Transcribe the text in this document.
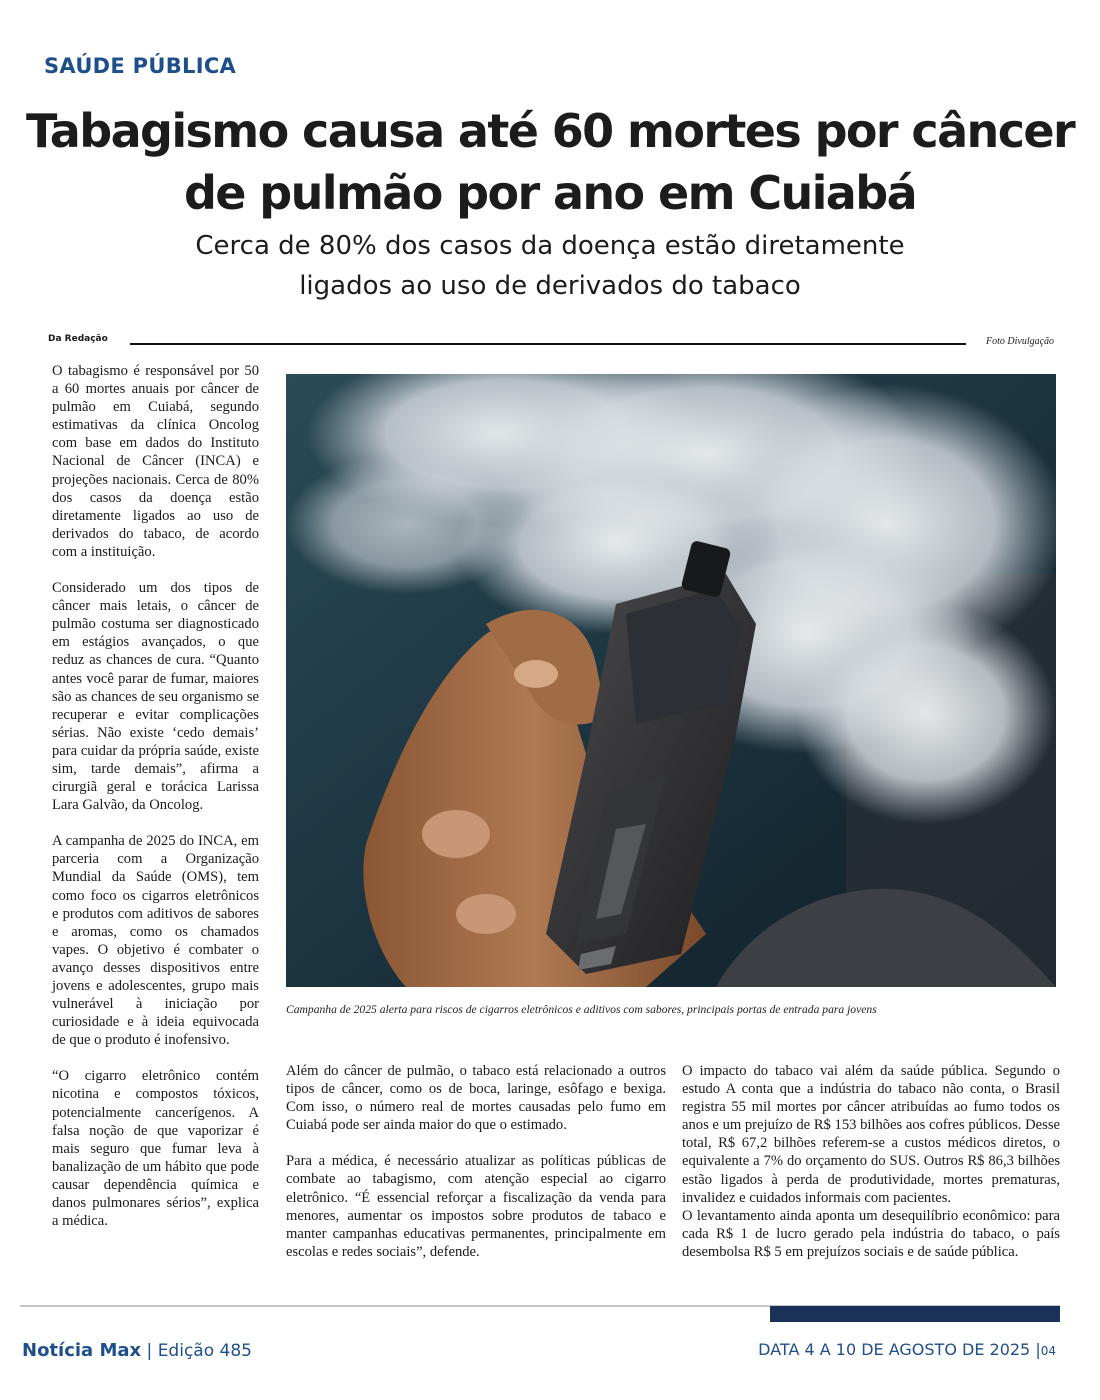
SAÚDE PÚBLICA
Tabagismo causa até 60 mortes por câncer
de pulmão por ano em Cuiabá
Cerca de 80% dos casos da doença estão diretamente
ligados ao uso de derivados do tabaco
Da Redação	Foto Divulgação

O tabagismo é responsável por 50 a 60 mortes anuais por câncer de pulmão em Cuiabá, segundo estimativas da clínica Oncolog com base em dados do Instituto Nacional de Câncer (INCA) e projeções nacionais. Cerca de 80% dos casos da doença estão diretamente ligados ao uso de derivados do tabaco, de acordo com a instituição.

Considerado um dos tipos de câncer mais letais, o câncer de pulmão costuma ser diagnosticado em estágios avançados, o que reduz as chances de cura. “Quanto antes você parar de fumar, maiores são as chances de seu organismo se recuperar e evitar complicações sérias. Não existe ‘cedo demais’ para cuidar da própria saúde, existe sim, tarde demais”, afirma a cirurgiã geral e torácica Larissa Lara Galvão, da Oncolog.

A campanha de 2025 do INCA, em parceria com a Organização Mundial da Saúde (OMS), tem como foco os cigarros eletrônicos e produtos com aditivos de sabores e aromas, como os chamados vapes. O objetivo é combater o avanço desses dispositivos entre jovens e adolescentes, grupo mais vulnerável à iniciação por curiosidade e à ideia equivocada de que o produto é inofensivo.

“O cigarro eletrônico contém nicotina e compostos tóxicos, potencialmente cancerígenos. A falsa noção de que vaporizar é mais seguro que fumar leva à banalização de um hábito que pode causar dependência química e danos pulmonares sérios”, explica a médica.

Campanha de 2025 alerta para riscos de cigarros eletrônicos e aditivos com sabores, principais portas de entrada para jovens

Além do câncer de pulmão, o tabaco está relacionado a outros tipos de câncer, como os de boca, laringe, esôfago e bexiga. Com isso, o número real de mortes causadas pelo fumo em Cuiabá pode ser ainda maior do que o estimado.

Para a médica, é necessário atualizar as políticas públicas de combate ao tabagismo, com atenção especial ao cigarro eletrônico. “É essencial reforçar a fiscalização da venda para menores, aumentar os impostos sobre produtos de tabaco e manter campanhas educativas permanentes, principalmente em escolas e redes sociais”, defende.

O impacto do tabaco vai além da saúde pública. Segundo o estudo A conta que a indústria do tabaco não conta, o Brasil registra 55 mil mortes por câncer atribuídas ao fumo todos os anos e um prejuízo de R$ 153 bilhões aos cofres públicos. Desse total, R$ 67,2 bilhões referem-se a custos médicos diretos, o equivalente a 7% do orçamento do SUS. Outros R$ 86,3 bilhões estão ligados à perda de produtividade, mortes prematuras, invalidez e cuidados informais com pacientes.

O levantamento ainda aponta um desequilíbrio econômico: para cada R$ 1 de lucro gerado pela indústria do tabaco, o país desembolsa R$ 5 em prejuízos sociais e de saúde pública.

Notícia Max | Edição 485	DATA 4 A 10 DE AGOSTO DE 2025 |04
